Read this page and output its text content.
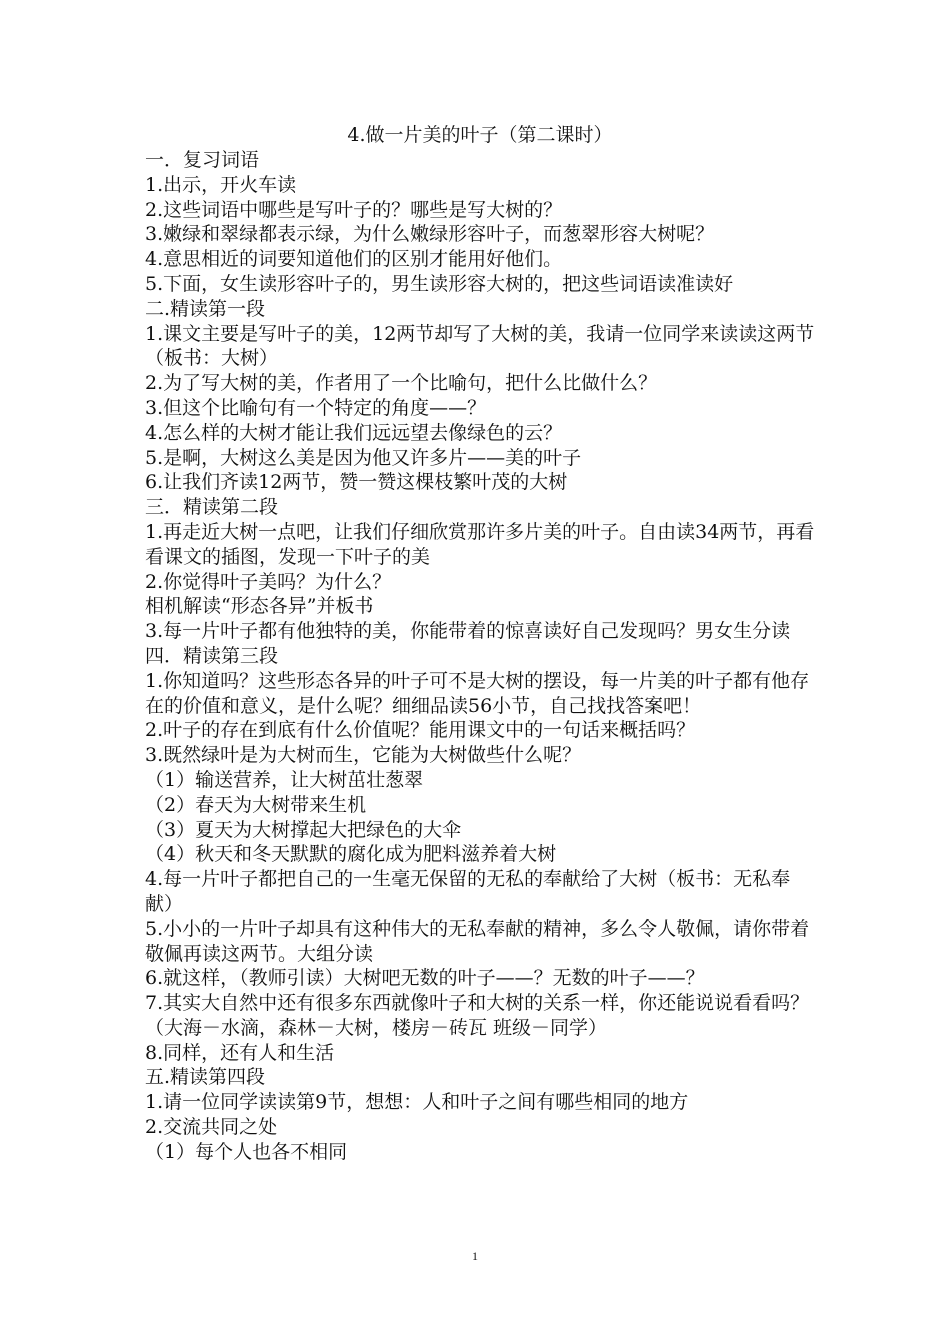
4.做一片美的叶子（第二课时）

一．复习词语

1.出示，开火车读

2.这些词语中哪些是写叶子的？哪些是写大树的？

3.嫩绿和翠绿都表示绿，为什么嫩绿形容叶子，而葱翠形容大树呢？

4.意思相近的词要知道他们的区别才能用好他们。

5.下面，女生读形容叶子的，男生读形容大树的，把这些词语读准读好

二.精读第一段

1.课文主要是写叶子的美，12两节却写了大树的美，我请一位同学来读读这两节（板书：大树）

2.为了写大树的美，作者用了一个比喻句，把什么比做什么？

3.但这个比喻句有一个特定的角度——？

4.怎么样的大树才能让我们远远望去像绿色的云？

5.是啊，大树这么美是因为他又许多片——美的叶子

6.让我们齐读12两节，赞一赞这棵枝繁叶茂的大树

三．精读第二段

1.再走近大树一点吧，让我们仔细欣赏那许多片美的叶子。自由读34两节，再看看课文的插图，发现一下叶子的美

2.你觉得叶子美吗？为什么？

相机解读“形态各异”并板书

3.每一片叶子都有他独特的美，你能带着的惊喜读好自己发现吗？男女生分读

四．精读第三段

1.你知道吗？这些形态各异的叶子可不是大树的摆设，每一片美的叶子都有他存在的价值和意义，是什么呢？细细品读56小节，自己找找答案吧！

2.叶子的存在到底有什么价值呢？能用课文中的一句话来概括吗？

3.既然绿叶是为大树而生，它能为大树做些什么呢？

（1）输送营养，让大树茁壮葱翠

（2）春天为大树带来生机

（3）夏天为大树撑起大把绿色的大伞

（4）秋天和冬天默默的腐化成为肥料滋养着大树

4.每一片叶子都把自己的一生毫无保留的无私的奉献给了大树（板书：无私奉献）

5.小小的一片叶子却具有这种伟大的无私奉献的精神，多么令人敬佩，请你带着敬佩再读这两节。大组分读

6.就这样，（教师引读）大树吧无数的叶子——？无数的叶子——？

7.其实大自然中还有很多东西就像叶子和大树的关系一样，你还能说说看看吗？（大海－水滴，森林－大树，楼房－砖瓦 班级－同学）

8.同样，还有人和生活

五.精读第四段

1.请一位同学读读第9节，想想：人和叶子之间有哪些相同的地方

2.交流共同之处

（1）每个人也各不相同

1
